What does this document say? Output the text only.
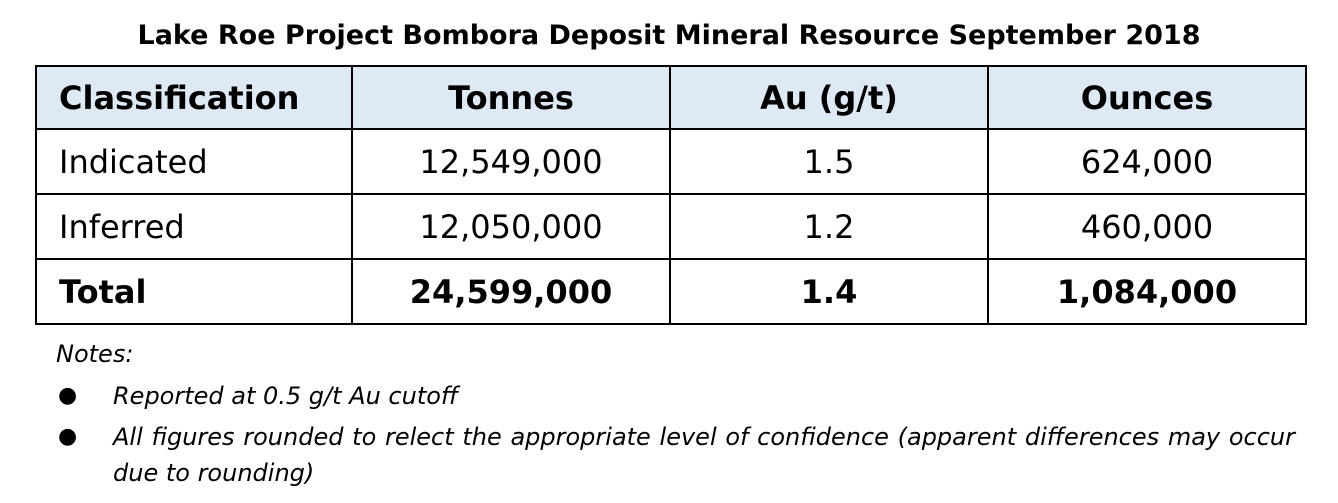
Lake Roe Project Bombora Deposit Mineral Resource September 2018
Classification	Tonnes	Au (g/t)	Ounces
Indicated	12,549,000	1.5	624,000
Inferred	12,050,000	1.2	460,000
Total	24,599,000	1.4	1,084,000
Notes:
● Reported at 0.5 g/t Au cutoff
● All figures rounded to relect the appropriate level of confidence (apparent differences may occur due to rounding)
